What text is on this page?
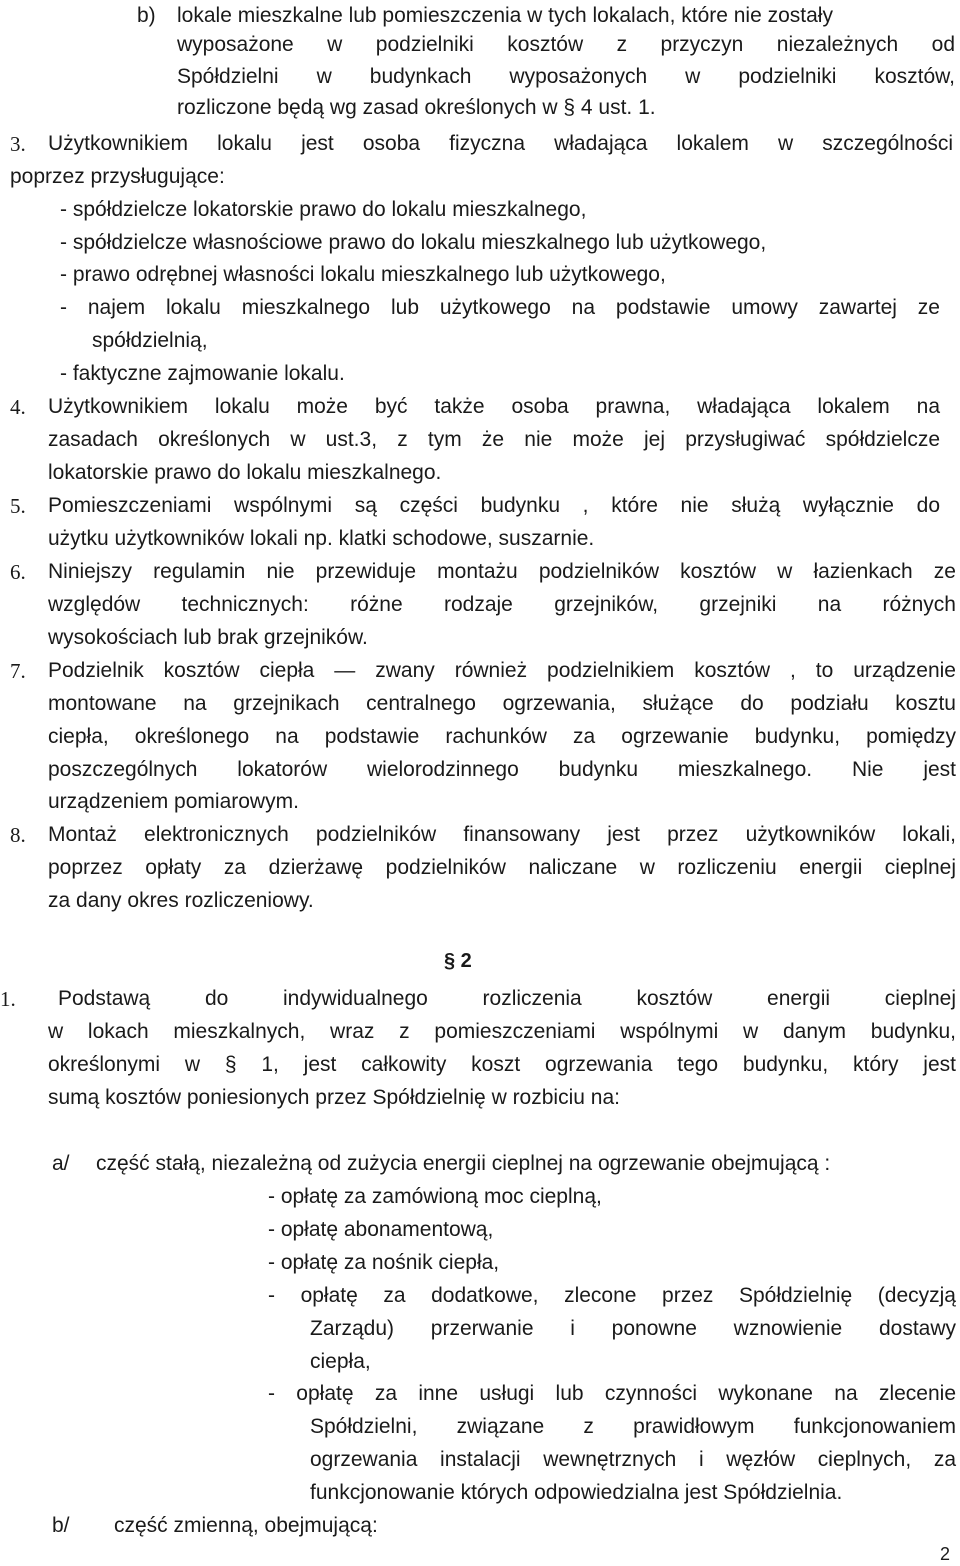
b) lokale mieszkalne lub pomieszczenia w tych lokalach, które nie zostały
wyposażone w podzielniki kosztów z przyczyn niezależnych od
Spółdzielni w budynkach wyposażonych w podzielniki kosztów,
rozliczone będą wg zasad określonych w § 4 ust. 1.
3. Użytkownikiem lokalu jest osoba fizyczna władająca lokalem w szczególności
poprzez przysługujące:
- spółdzielcze lokatorskie prawo do lokalu mieszkalnego,
- spółdzielcze własnościowe prawo do lokalu mieszkalnego lub użytkowego,
- prawo odrębnej własności lokalu mieszkalnego lub użytkowego,
- najem lokalu mieszkalnego lub użytkowego na podstawie umowy zawartej ze
spółdzielnią,
- faktyczne zajmowanie lokalu.
4. Użytkownikiem lokalu może być także osoba prawna, władająca lokalem na
zasadach określonych w ust.3, z tym że nie może jej przysługiwać spółdzielcze
lokatorskie prawo do lokalu mieszkalnego.
5. Pomieszczeniami wspólnymi są części budynku , które nie służą wyłącznie do
użytku użytkowników lokali np. klatki schodowe, suszarnie.
6. Niniejszy regulamin nie przewiduje montażu podzielników kosztów w łazienkach ze
względów technicznych: różne rodzaje grzejników, grzejniki na różnych
wysokościach lub brak grzejników.
7. Podzielnik kosztów ciepła — zwany również podzielnikiem kosztów , to urządzenie
montowane na grzejnikach centralnego ogrzewania, służące do podziału kosztu
ciepła, określonego na podstawie rachunków za ogrzewanie budynku, pomiędzy
poszczególnych lokatorów wielorodzinnego budynku mieszkalnego. Nie jest
urządzeniem pomiarowym.
8. Montaż elektronicznych podzielników finansowany jest przez użytkowników lokali,
poprzez opłaty za dzierżawę podzielników naliczane w rozliczeniu energii cieplnej
za dany okres rozliczeniowy.
§ 2
1. Podstawą do indywidualnego rozliczenia kosztów energii cieplnej
w lokach mieszkalnych, wraz z pomieszczeniami wspólnymi w danym budynku,
określonymi w § 1, jest całkowity koszt ogrzewania tego budynku, który jest
sumą kosztów poniesionych przez Spółdzielnię w rozbiciu na:
a/ część stałą, niezależną od zużycia energii cieplnej na ogrzewanie obejmującą :
- opłatę za zamówioną moc cieplną,
- opłatę abonamentową,
- opłatę za nośnik ciepła,
- opłatę za dodatkowe, zlecone przez Spółdzielnię (decyzją
Zarządu) przerwanie i ponowne wznowienie dostawy
ciepła,
- opłatę za inne usługi lub czynności wykonane na zlecenie
Spółdzielni, związane z prawidłowym funkcjonowaniem
ogrzewania instalacji wewnętrznych i węzłów cieplnych, za
funkcjonowanie których odpowiedzialna jest Spółdzielnia.
b/ część zmienną, obejmującą:
2
